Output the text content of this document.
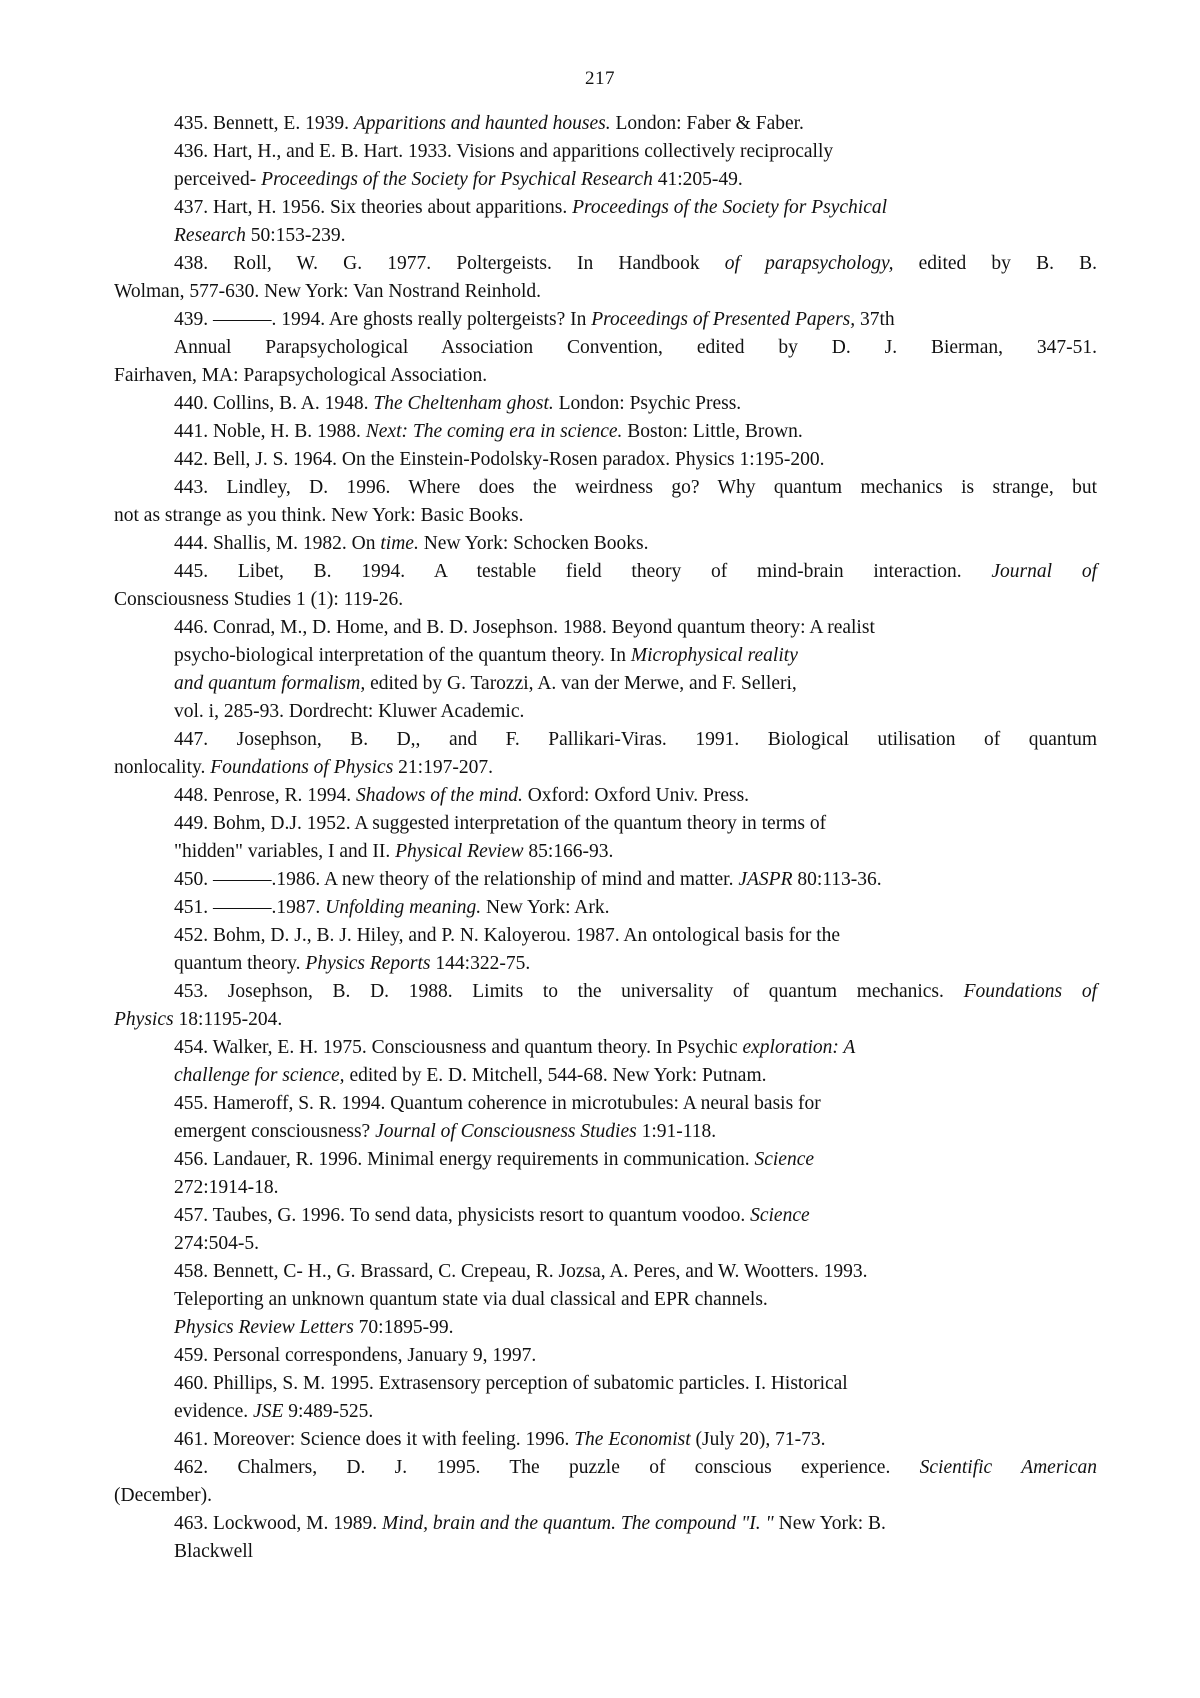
217
435. Bennett, E. 1939. Apparitions and haunted houses. London: Faber & Faber.
436. Hart, H., and E. B. Hart. 1933. Visions and apparitions collectively reciprocally
perceived- Proceedings of the Society for Psychical Research 41:205-49.
437. Hart, H. 1956. Six theories about apparitions. Proceedings of the Society for Psychical
Research 50:153-239.
438. Roll, W. G. 1977. Poltergeists. In Handbook of parapsychology, edited by B. B.
Wolman, 577-630. New York: Van Nostrand Reinhold.
439. ———. 1994. Are ghosts really poltergeists? In Proceedings of Presented Papers, 37th
Annual Parapsychological Association Convention, edited by D. J. Bierman, 347-51.
Fairhaven, MA: Parapsychological Association.
440. Collins, B. A. 1948. The Cheltenham ghost. London: Psychic Press.
441. Noble, H. B. 1988. Next: The coming era in science. Boston: Little, Brown.
442. Bell, J. S. 1964. On the Einstein-Podolsky-Rosen paradox. Physics 1:195-200.
443. Lindley, D. 1996. Where does the weirdness go? Why quantum mechanics is strange, but
not as strange as you think. New York: Basic Books.
444. Shallis, M. 1982. On time. New York: Schocken Books.
445. Libet, B. 1994. A testable field theory of mind-brain interaction. Journal of
Consciousness Studies 1 (1): 119-26.
446. Conrad, M., D. Home, and B. D. Josephson. 1988. Beyond quantum theory: A realist
psycho-biological interpretation of the quantum theory. In Microphysical reality
and quantum formalism, edited by G. Tarozzi, A. van der Merwe, and F. Selleri,
vol. i, 285-93. Dordrecht: Kluwer Academic.
447. Josephson, B. D,, and F. Pallikari-Viras. 1991. Biological utilisation of quantum
nonlocality. Foundations of Physics 21:197-207.
448. Penrose, R. 1994. Shadows of the mind. Oxford: Oxford Univ. Press.
449. Bohm, D.J. 1952. A suggested interpretation of the quantum theory in terms of
"hidden" variables, I and II. Physical Review 85:166-93.
450. ———.1986. A new theory of the relationship of mind and matter. JASPR 80:113-36.
451. ———.1987. Unfolding meaning. New York: Ark.
452. Bohm, D. J., B. J. Hiley, and P. N. Kaloyerou. 1987. An ontological basis for the
quantum theory. Physics Reports 144:322-75.
453. Josephson, B. D. 1988. Limits to the universality of quantum mechanics. Foundations of
Physics 18:1195-204.
454. Walker, E. H. 1975. Consciousness and quantum theory. In Psychic exploration: A
challenge for science, edited by E. D. Mitchell, 544-68. New York: Putnam.
455. Hameroff, S. R. 1994. Quantum coherence in microtubules: A neural basis for
emergent consciousness? Journal of Consciousness Studies 1:91-118.
456. Landauer, R. 1996. Minimal energy requirements in communication. Science
272:1914-18.
457. Taubes, G. 1996. To send data, physicists resort to quantum voodoo. Science
274:504-5.
458. Bennett, C- H., G. Brassard, C. Crepeau, R. Jozsa, A. Peres, and W. Wootters. 1993.
Teleporting an unknown quantum state via dual classical and EPR channels.
Physics Review Letters 70:1895-99.
459. Personal correspondens, January 9, 1997.
460. Phillips, S. M. 1995. Extrasensory perception of subatomic particles. I. Historical
evidence. JSE 9:489-525.
461. Moreover: Science does it with feeling. 1996. The Economist (July 20), 71-73.
462. Chalmers, D. J. 1995. The puzzle of conscious experience. Scientific American
(December).
463. Lockwood, M. 1989. Mind, brain and the quantum. The compound "I. " New York: B.
Blackwell
